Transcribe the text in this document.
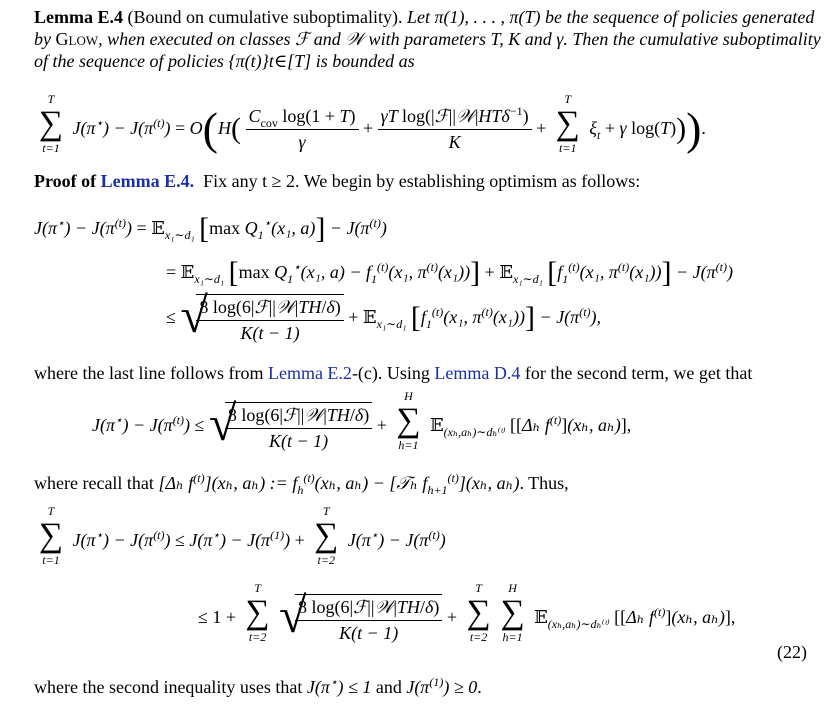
Lemma E.4 (Bound on cumulative suboptimality). Let π(1), . . . , π(T) be the sequence of policies generated by Glow, when executed on classes ℱ and 𝒲 with parameters T, K and γ. Then the cumulative suboptimality of the sequence of policies {π(t)}t∈[T] is bounded as
T
∑
t=1
$J(\pi^⋆) - J(\pi^{(t)}) = O(H( \frac{C_{cov} \log(1 + T)}{\gamma} + \frac{\gamma T \log(|ℱ||𝒲|HT\delta^{-1})}{K}$ +
T
∑
t=1
$\xi_t + \gamma$ log(T))).
Proof of Lemma E.4. Fix any t ≥ 2. We begin by establishing optimism as follows:
$J(\pi^⋆) - J(\pi^{(t)})$ = 𝔼$_{x_1\sim d_1}$ [max $Q_1^⋆(x_1$, $a)] - J(\pi^{(t)})$
= 𝔼$_{x_1\sim d_1}$ [max $Q_1^⋆(x_1$, $a) - f_1^{(t)}(x_1$, $\pi^{(t)}(x_1)$)] + 𝔼$_{x_1\sim d_1}$ [$f_1^{(t)}(x_1$, $\pi^{(t)}(x_1))] - J(\pi^{(t)})$
≤ √
$\frac{\text{8 log(6|ℱ||𝒲|TH/δ)}}{K(t - 1)}$ + 𝔼$_{x_1\sim d_1}$ [$f_1^{(t)}(x_1$, $\pi^{(t)}(x_1))] - J(\pi^{(t)})$,
where the last line follows from Lemma E.2-(c). Using Lemma D.4 for the second term, we get that
$J(\pi^⋆) - J(\pi^{(t)})$ ≤ √
$\frac{\text{8 log(6|ℱ||𝒲|TH/δ)}}{K(t - 1)}$ +
H
∑
h=1
𝔼$_{(x_h,a_h)\sim d_h^(ᵗ^)}$ [[Δₕ $f^{(t)}](x_h$, aₕ)],
where recall that [Δₕ $f^{(t)}](x_h$, aₕ) := $f_h^{(t)}(x_h$, aₕ) − [𝒯ₕ $f_{h+1}^{(t)}](x_h$, aₕ). Thus,
T
∑
t=1
$J(\pi^⋆) - J(\pi^{(t)}) \le J(\pi^⋆) - J(\pi^{(1)})$ +
T
∑
t=2
$J(\pi^⋆) - J(\pi^{(t)})$
≤ 1 +
T
∑
t=2
√
$\frac{\text{8 log(6|ℱ||𝒲|TH/δ)}}{K(t - 1)}$ +
T
∑
t=2
H
∑
h=1
𝔼$_{(x_h,a_h)\sim d_h^(ᵗ^)}$ [[Δₕ $f^{(t)}](x_h$, aₕ)],
(22)
where the second inequality uses that J(π⋆) ≤ 1 and $J(\pi^{(1)}) \ge 0$.
